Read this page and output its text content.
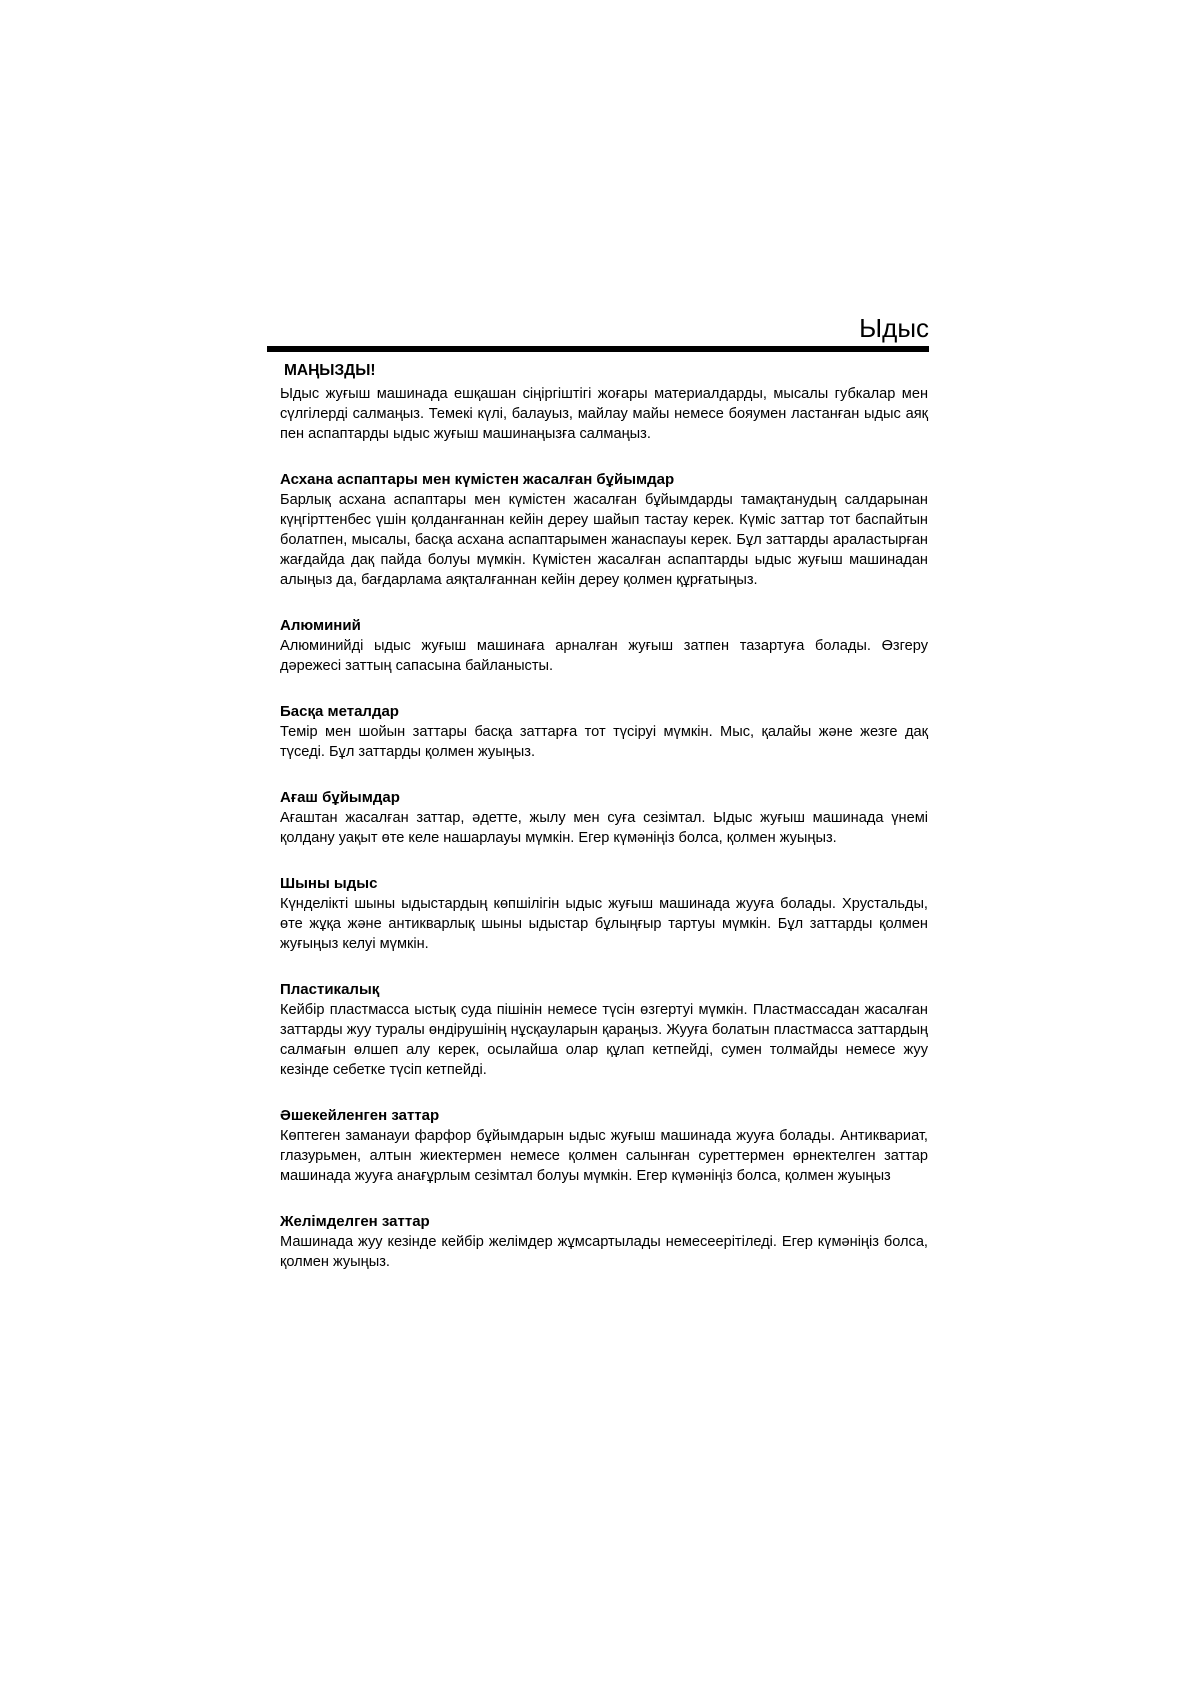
Ыдыс

МАҢЫЗДЫ!

Ыдыс жуғыш машинада ешқашан сіңіргіштігі жоғары материалдарды, мысалы губкалар мен сүлгілерді салмаңыз. Темекі күлі, балауыз, майлау майы немесе бояумен ластанған ыдыс аяқ пен аспаптарды ыдыс жуғыш машинаңызға салмаңыз.

Асхана аспаптары мен күмістен жасалған бұйымдар

Барлық асхана аспаптары мен күмістен жасалған бұйымдарды тамақтанудың салдарынан күңгірттенбес үшін қолданғаннан кейін дереу шайып тастау керек. Күміс заттар тот баспайтын болатпен, мысалы, басқа асхана аспаптарымен жанаспауы керек. Бұл заттарды араластырған жағдайда дақ пайда болуы мүмкін. Күмістен жасалған аспаптарды ыдыс жуғыш машинадан алыңыз да, бағдарлама аяқталғаннан кейін дереу қолмен құрғатыңыз.

Алюминий

Алюминийді ыдыс жуғыш машинаға арналған жуғыш затпен тазартуға болады. Өзгеру дәрежесі заттың сапасына байланысты.

Басқа металдар

Темір мен шойын заттары басқа заттарға тот түсіруі мүмкін. Мыс, қалайы және жезге дақ түседі. Бұл заттарды қолмен жуыңыз.

Ағаш бұйымдар

Ағаштан жасалған заттар, әдетте, жылу мен суға сезімтал. Ыдыс жуғыш машинада үнемі қолдану уақыт өте келе нашарлауы мүмкін. Егер күмәніңіз болса, қолмен жуыңыз.

Шыны ыдыс

Күнделікті шыны ыдыстардың көпшілігін ыдыс жуғыш машинада жууға болады. Хрустальды, өте жұқа және антикварлық шыны ыдыстар бұлыңғыр тартуы мүмкін. Бұл заттарды қолмен жуғыңыз келуі мүмкін.

Пластикалық

Кейбір пластмасса ыстық суда пішінін немесе түсін өзгертуі мүмкін. Пластмассадан жасалған заттарды жуу туралы өндірушінің нұсқауларын қараңыз. Жууға болатын пластмасса заттардың салмағын өлшеп алу керек, осылайша олар құлап кетпейді, сумен толмайды немесе жуу кезінде себетке түсіп кетпейді.

Әшекейленген заттар

Көптеген заманауи фарфор бұйымдарын ыдыс жуғыш машинада жууға болады. Антиквариат, глазурьмен, алтын жиектермен немесе қолмен салынған суреттермен өрнектелген заттар машинада жууға анағұрлым сезімтал болуы мүмкін. Егер күмәніңіз болса, қолмен жуыңыз

Желімделген заттар

Машинада жуу кезінде кейбір желімдер жұмсартылады немесеерітіледі. Егер күмәніңіз болса, қолмен жуыңыз.
